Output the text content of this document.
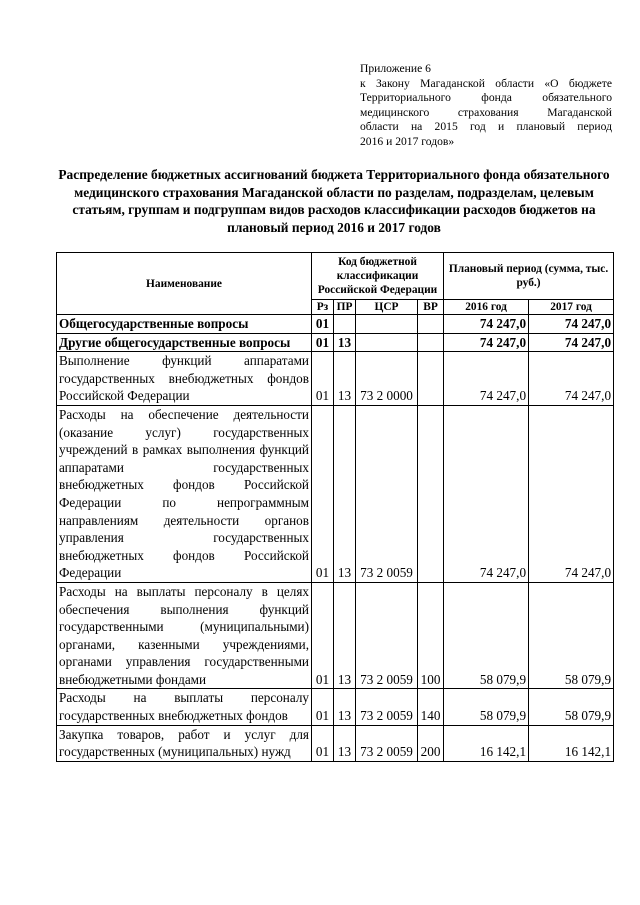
Приложение 6
к Закону Магаданской области «О бюджете
Территориального фонда обязательного
медицинского страхования Магаданской
области на 2015 год и плановый период
2016 и 2017 годов»
Распределение бюджетных ассигнований бюджета Территориального фонда обязательного медицинского страхования Магаданской области по разделам, подразделам, целевым статьям, группам и подгруппам видов расходов классификации расходов бюджетов на плановый период 2016 и 2017 годов
Наименование	Код бюджетной классификации Российской Федерации				Плановый период (сумма, тыс. руб.)	
	Рз	ПР	ЦСР	ВР	2016 год	2017 год
Общегосударственные вопросы	01				74 247,0	74 247,0
Другие общегосударственные вопросы	01	13			74 247,0	74 247,0
Выполнение функций аппаратами государственных внебюджетных фондов Российской Федерации	01	13	73 2 0000		74 247,0	74 247,0
Расходы на обеспечение деятельности (оказание услуг) государственных учреждений в рамках выполнения функций аппаратами государственных внебюджетных фондов Российской Федерации по непрограммным направлениям деятельности органов управления государственных внебюджетных фондов Российской Федерации	01	13	73 2 0059		74 247,0	74 247,0
Расходы на выплаты персоналу в целях обеспечения выполнения функций государственными (муниципальными) органами, казенными учреждениями, органами управления государственными внебюджетными фондами	01	13	73 2 0059	100	58 079,9	58 079,9
Расходы на выплаты персоналу государственных внебюджетных фондов	01	13	73 2 0059	140	58 079,9	58 079,9
Закупка товаров, работ и услуг для государственных (муниципальных) нужд	01	13	73 2 0059	200	16 142,1	16 142,1
